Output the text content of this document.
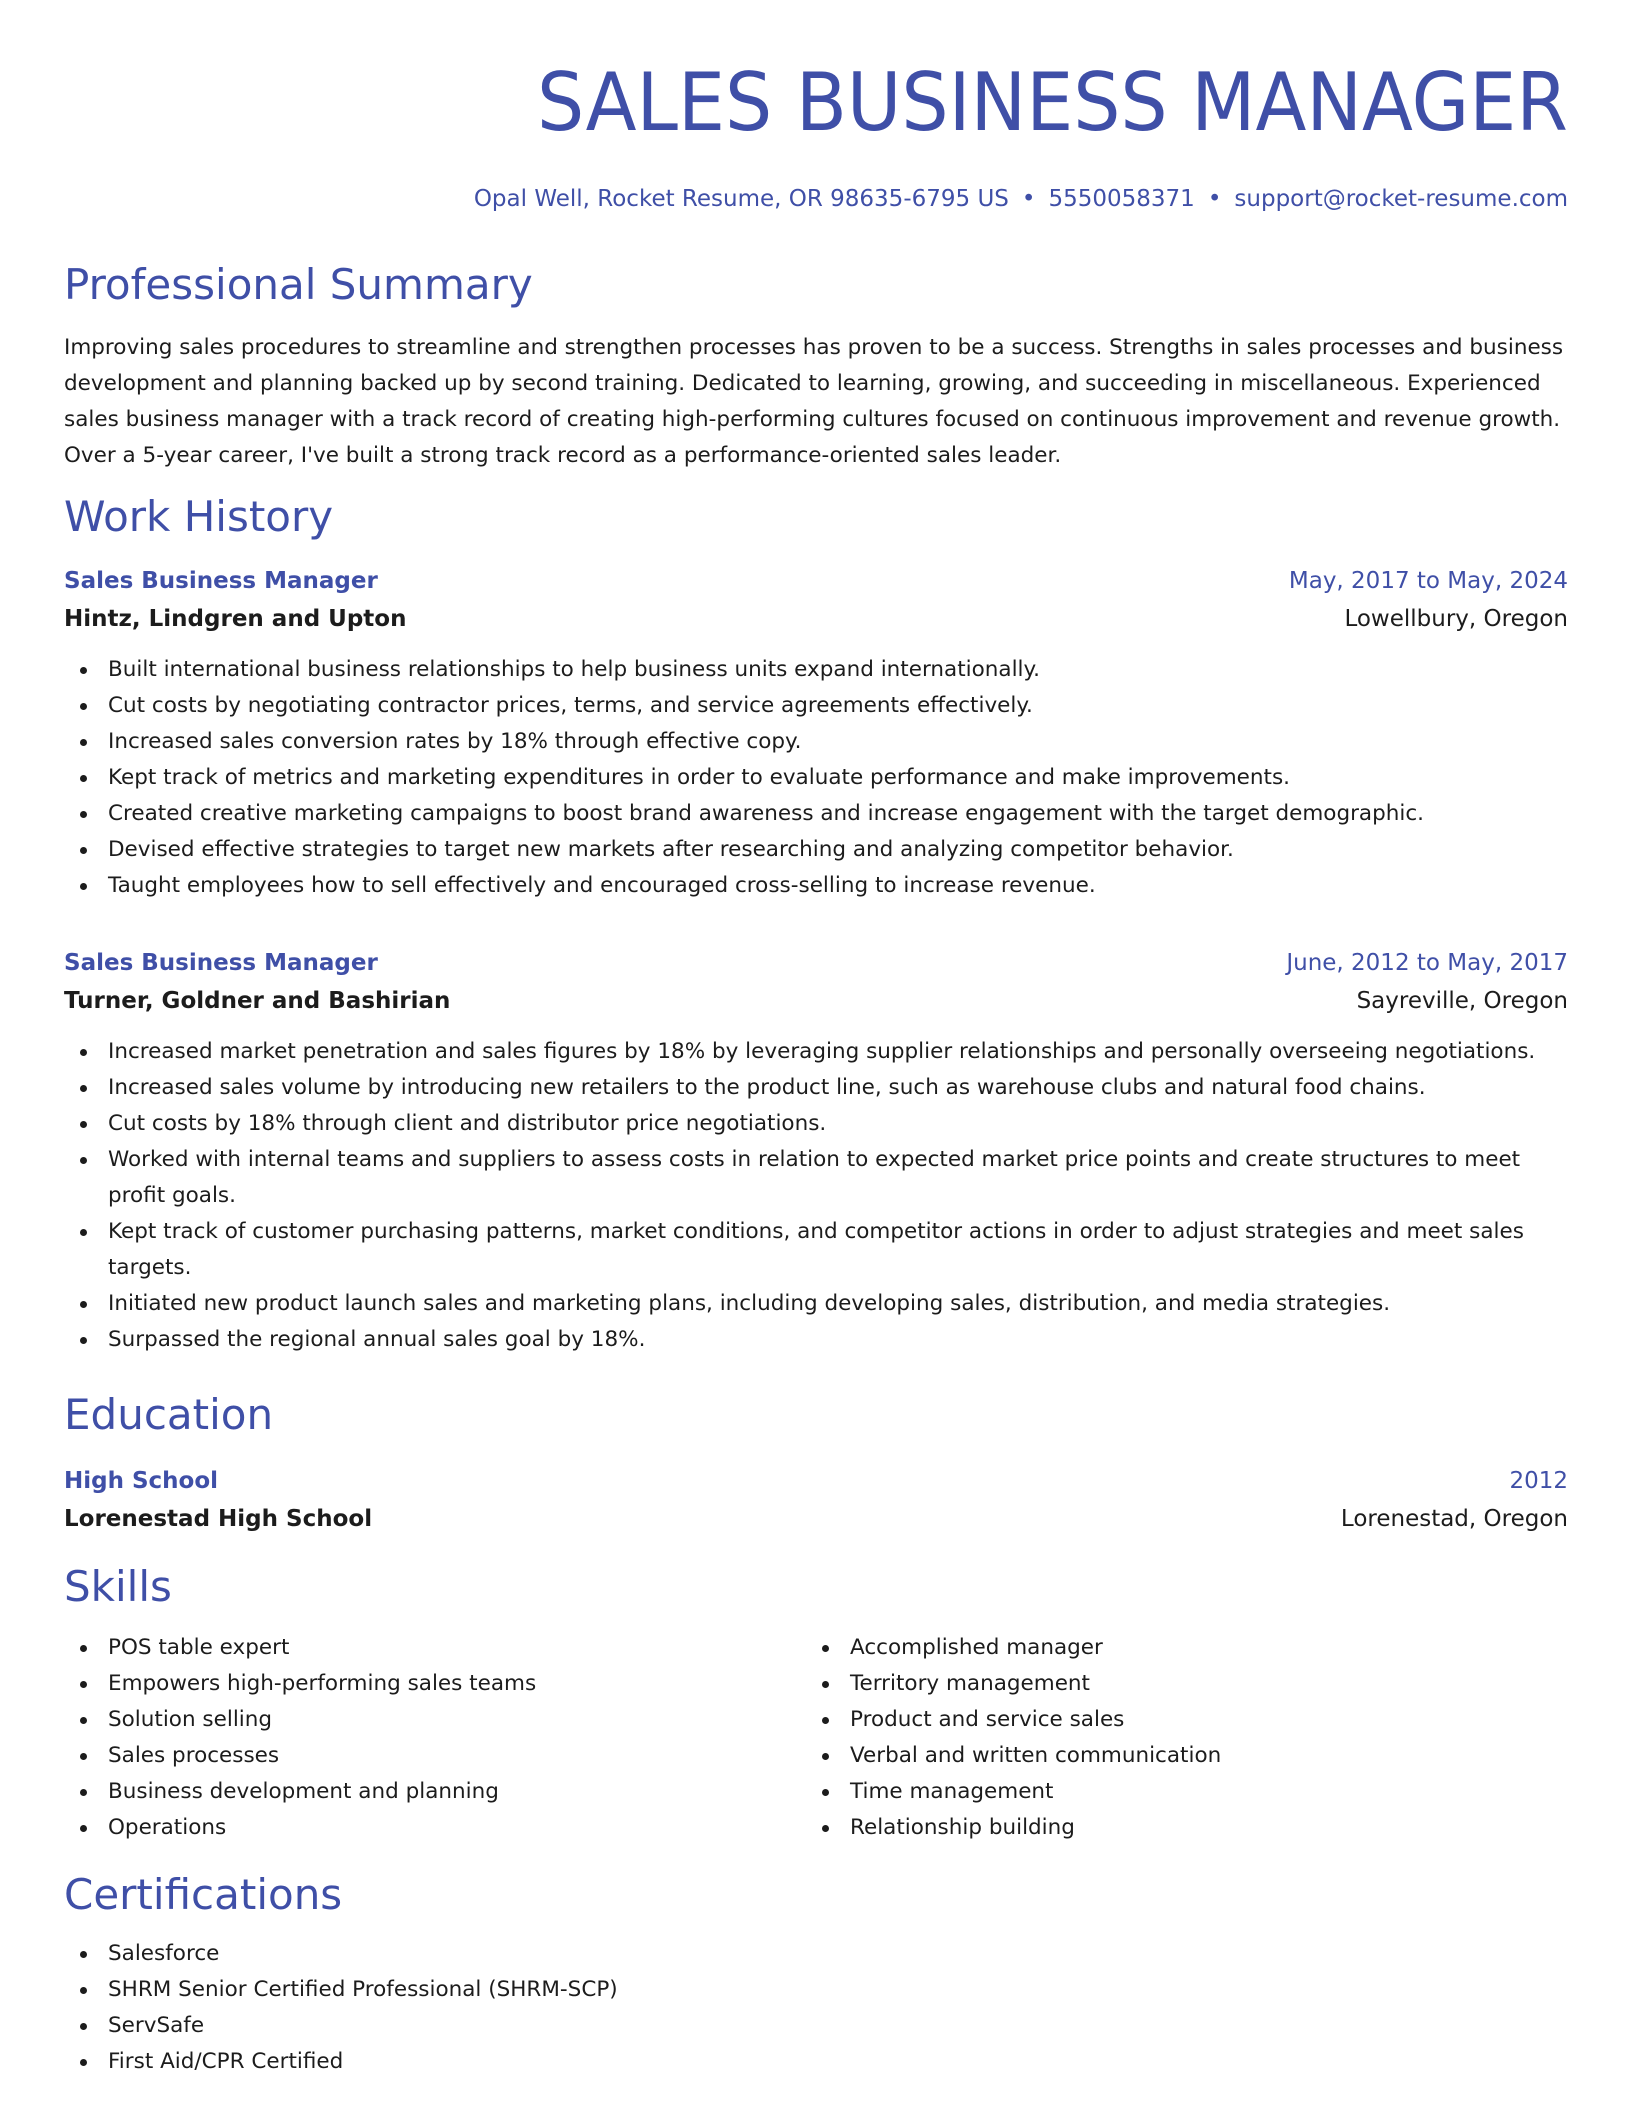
SALES BUSINESS MANAGER
Opal Well, Rocket Resume, OR 98635-6795 US • 5550058371 • support@rocket-resume.com
Professional Summary

Improving sales procedures to streamline and strengthen processes has proven to be a success. Strengths in sales processes and business development and planning backed up by second training. Dedicated to learning, growing, and succeeding in miscellaneous. Experienced sales business manager with a track record of creating high-performing cultures focused on continuous improvement and revenue growth. Over a 5-year career, I've built a strong track record as a performance-oriented sales leader.

Work History
Sales Business Manager	May, 2017 to May, 2024
Hintz, Lindgren and Upton	Lowellbury, Oregon
Built international business relationships to help business units expand internationally.
Cut costs by negotiating contractor prices, terms, and service agreements effectively.
Increased sales conversion rates by 18% through effective copy.
Kept track of metrics and marketing expenditures in order to evaluate performance and make improvements.
Created creative marketing campaigns to boost brand awareness and increase engagement with the target demographic.
Devised effective strategies to target new markets after researching and analyzing competitor behavior.
Taught employees how to sell effectively and encouraged cross-selling to increase revenue.
Sales Business Manager	June, 2012 to May, 2017
Turner, Goldner and Bashirian	Sayreville, Oregon
Increased market penetration and sales figures by 18% by leveraging supplier relationships and personally overseeing negotiations.
Increased sales volume by introducing new retailers to the product line, such as warehouse clubs and natural food chains.
Cut costs by 18% through client and distributor price negotiations.
Worked with internal teams and suppliers to assess costs in relation to expected market price points and create structures to meet profit goals.
Kept track of customer purchasing patterns, market conditions, and competitor actions in order to adjust strategies and meet sales targets.
Initiated new product launch sales and marketing plans, including developing sales, distribution, and media strategies.
Surpassed the regional annual sales goal by 18%.
Education
High School	2012
Lorenestad High School	Lorenestad, Oregon
Skills
POS table expert
Empowers high-performing sales teams
Solution selling
Sales processes
Business development and planning
Operations
Accomplished manager
Territory management
Product and service sales
Verbal and written communication
Time management
Relationship building
Certifications
Salesforce
SHRM Senior Certified Professional (SHRM-SCP)
ServSafe
First Aid/CPR Certified
